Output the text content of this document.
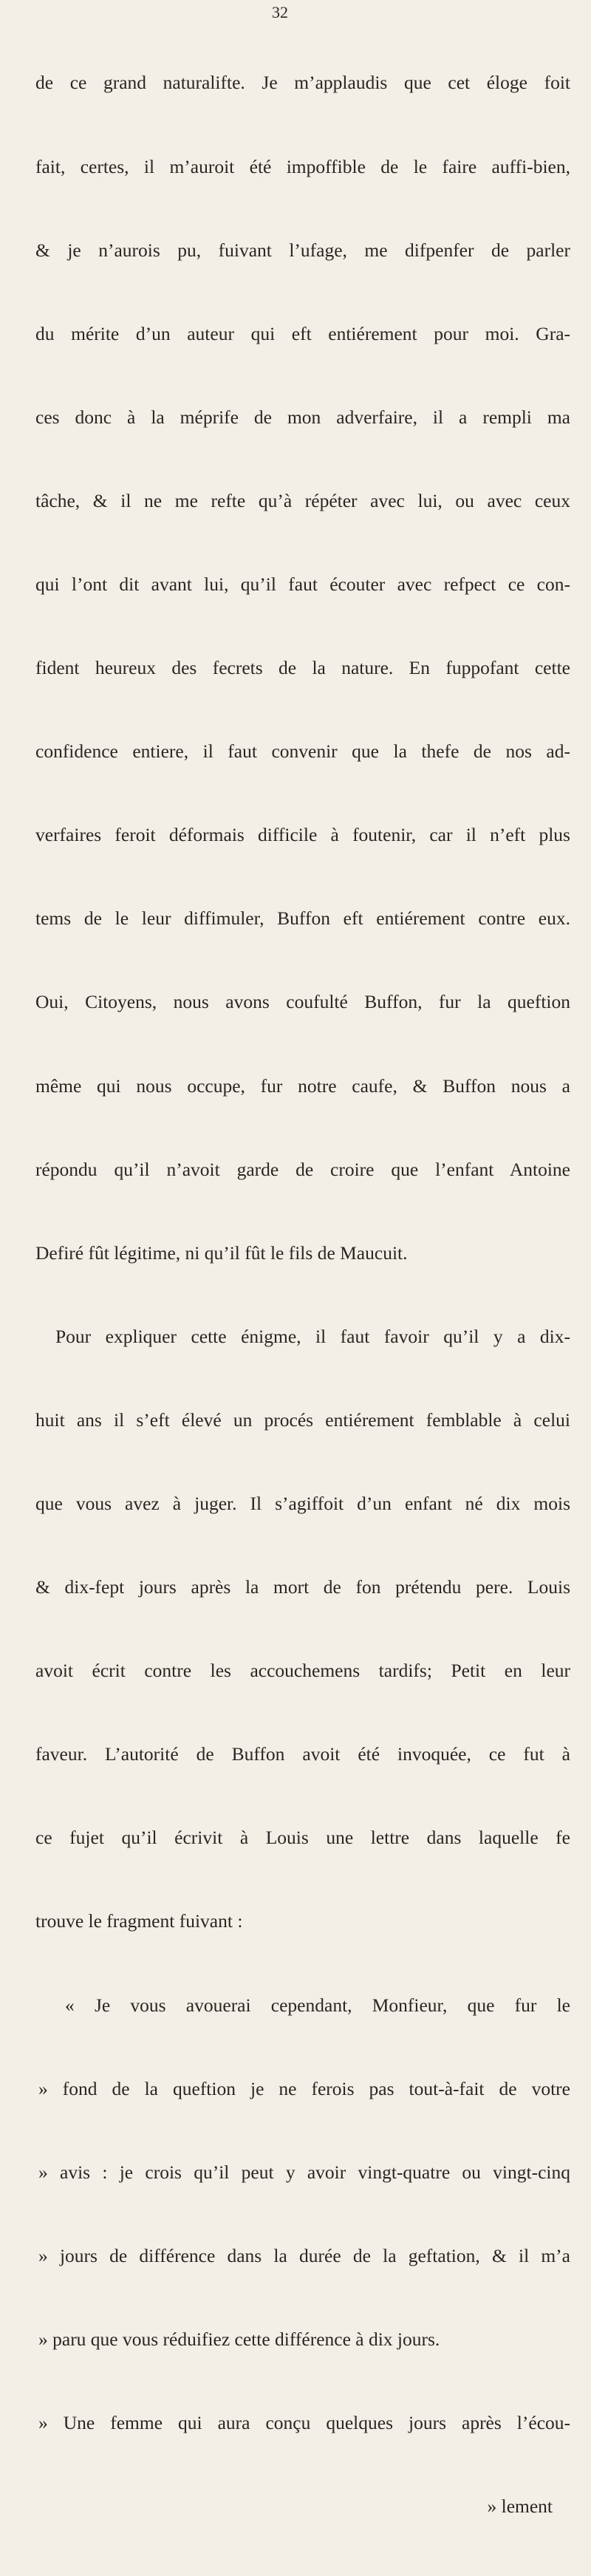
32

de ce grand naturalifte. Je m’applaudis que cet éloge foit

fait, certes, il m’auroit été impoffible de le faire auffi-bien,

& je n’aurois pu, fuivant l’ufage, me difpenfer de parler

du mérite d’un auteur qui eft entiérement pour moi. Gra-

ces donc à la méprife de mon adverfaire, il a rempli ma

tâche, & il ne me refte qu’à répéter avec lui, ou avec ceux

qui l’ont dit avant lui, qu’il faut écouter avec refpect ce con-

fident heureux des fecrets de la nature. En fuppofant cette

confidence entiere, il faut convenir que la thefe de nos ad-

verfaires feroit déformais difficile à foutenir, car il n’eft plus

tems de le leur diffimuler, Buffon eft entiérement contre eux.

Oui, Citoyens, nous avons coufulté Buffon, fur la queftion

même qui nous occupe, fur notre caufe, & Buffon nous a

répondu qu’il n’avoit garde de croire que l’enfant Antoine

Defiré fût légitime, ni qu’il fût le fils de Maucuit.

Pour expliquer cette énigme, il faut favoir qu’il y a dix-

huit ans il s’eft élevé un procés entiérement femblable à celui

que vous avez à juger. Il s’agiffoit d’un enfant né dix mois

& dix-fept jours après la mort de fon prétendu pere. Louis

avoit écrit contre les accouchemens tardifs; Petit en leur

faveur. L’autorité de Buffon avoit été invoquée, ce fut à

ce fujet qu’il écrivit à Louis une lettre dans laquelle fe

trouve le fragment fuivant :

« Je vous avouerai cependant, Monfieur, que fur le

» fond de la queftion je ne ferois pas tout-à-fait de votre

» avis : je crois qu’il peut y avoir vingt-quatre ou vingt-cinq

» jours de différence dans la durée de la geftation, & il m’a

» paru que vous réduifiez cette différence à dix jours.

» Une femme qui aura conçu quelques jours après l’écou-

» lement
